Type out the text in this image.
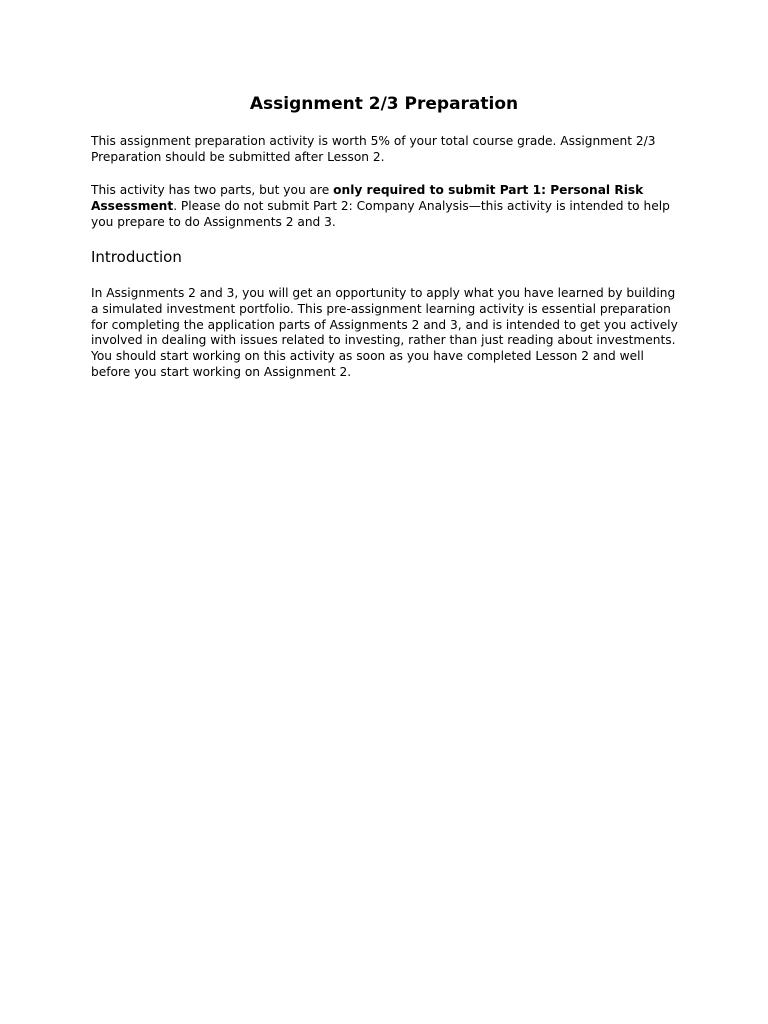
Assignment 2/3 Preparation

This assignment preparation activity is worth 5% of your total course grade. Assignment 2/3 Preparation should be submitted after Lesson 2.

This activity has two parts, but you are only required to submit Part 1: Personal Risk Assessment. Please do not submit Part 2: Company Analysis—this activity is intended to help you prepare to do Assignments 2 and 3.

Introduction

In Assignments 2 and 3, you will get an opportunity to apply what you have learned by building a simulated investment portfolio. This pre-assignment learning activity is essential preparation for completing the application parts of Assignments 2 and 3, and is intended to get you actively involved in dealing with issues related to investing, rather than just reading about investments. You should start working on this activity as soon as you have completed Lesson 2 and well before you start working on Assignment 2.
